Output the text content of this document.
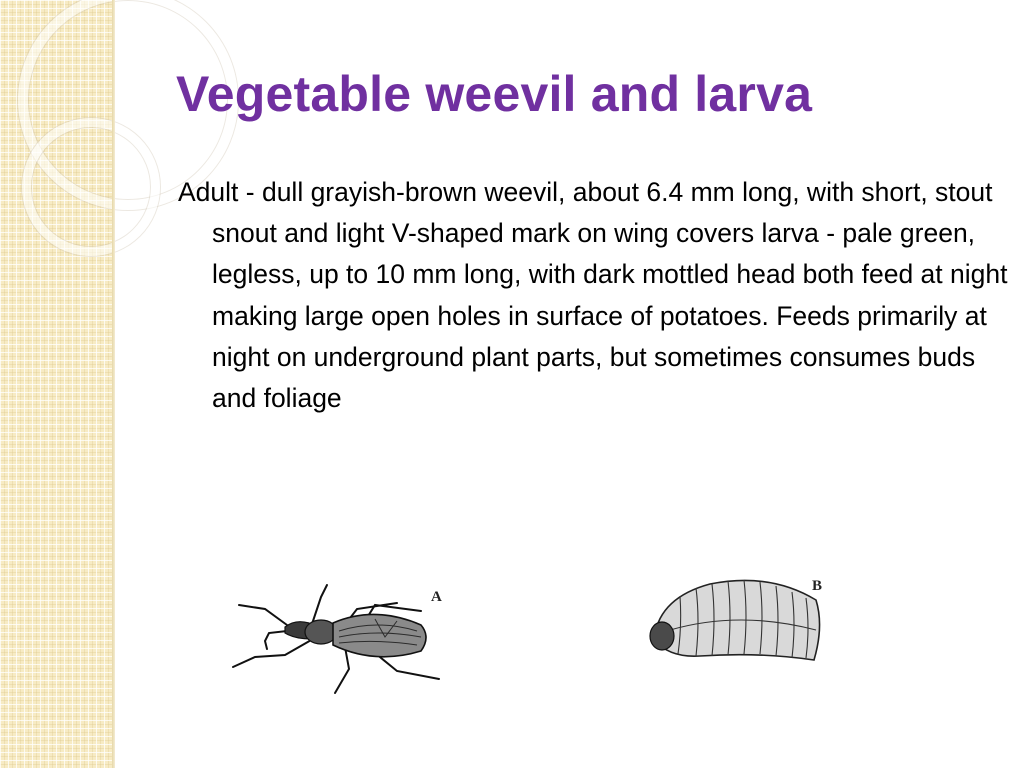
Vegetable weevil and larva

Adult - dull grayish-brown weevil, about 6.4 mm long, with short, stout snout and light V-shaped mark on wing covers larva - pale green, legless, up to 10 mm long, with dark mottled head both feed at night making large open holes in surface of potatoes. Feeds primarily at night on underground plant parts, but sometimes consumes buds and foliage

A
B
